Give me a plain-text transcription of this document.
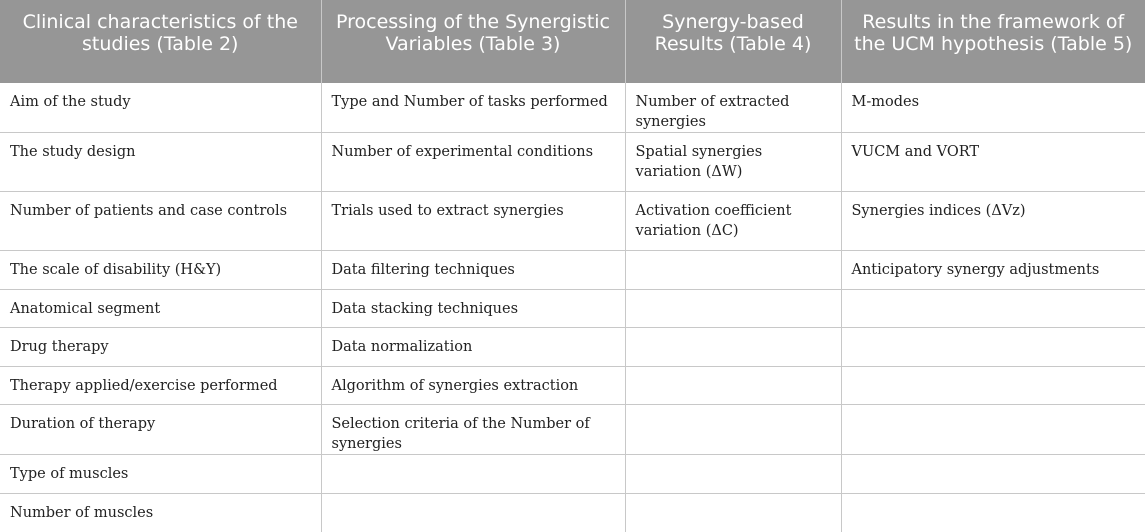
Clinical characteristics of the studies (Table 2)	Processing of the Synergistic Variables (Table 3)	Synergy-based Results (Table 4)	Results in the framework of the UCM hypothesis (Table 5)
Aim of the study	Type and Number of tasks performed	Number of extracted synergies	M-modes
The study design	Number of experimental conditions	Spatial synergies variation (ΔW)	VUCM and VORT
Number of patients and case controls	Trials used to extract synergies	Activation coefficient variation (ΔC)	Synergies indices (ΔVz)
The scale of disability (H&Y)	Data filtering techniques		Anticipatory synergy adjustments
Anatomical segment	Data stacking techniques		
Drug therapy	Data normalization		
Therapy applied/exercise performed	Algorithm of synergies extraction		
Duration of therapy	Selection criteria of the Number of synergies		
Type of muscles			
Number of muscles			
